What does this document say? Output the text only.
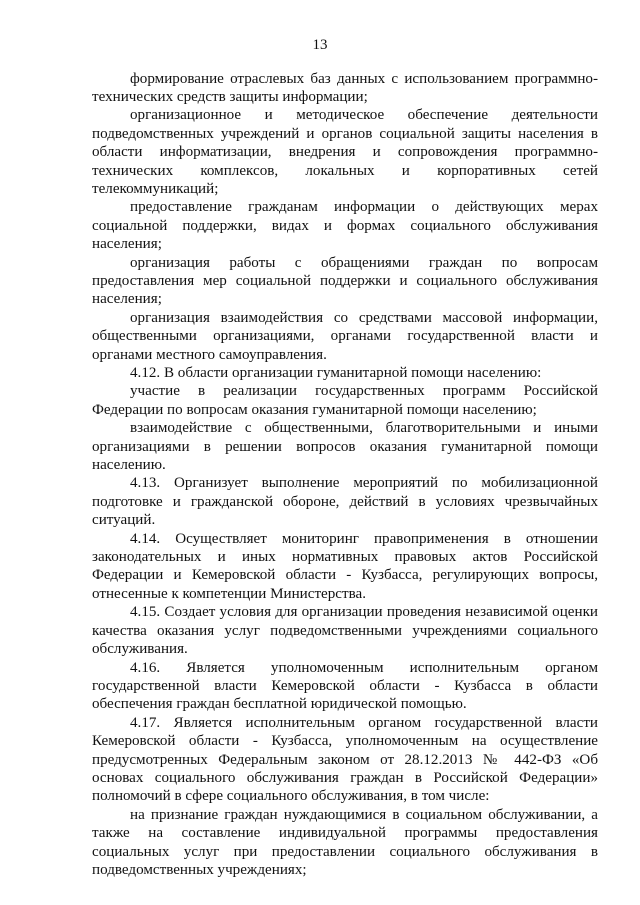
13

формирование отраслевых баз данных с использованием программно-технических средств защиты информации;

организационное и методическое обеспечение деятельности подведомственных учреждений и органов социальной защиты населения в области информатизации, внедрения и сопровождения программно-технических комплексов, локальных и корпоративных сетей телекоммуникаций;

предоставление гражданам информации о действующих мерах социальной поддержки, видах и формах социального обслуживания населения;

организация работы с обращениями граждан по вопросам предоставления мер социальной поддержки и социального обслуживания населения;

организация взаимодействия со средствами массовой информации, общественными организациями, органами государственной власти и органами местного самоуправления.

4.12. В области организации гуманитарной помощи населению:

участие в реализации государственных программ Российской Федерации по вопросам оказания гуманитарной помощи населению;

взаимодействие с общественными, благотворительными и иными организациями в решении вопросов оказания гуманитарной помощи населению.

4.13. Организует выполнение мероприятий по мобилизационной подготовке и гражданской обороне, действий в условиях чрезвычайных ситуаций.

4.14. Осуществляет мониторинг правоприменения в отношении законодательных и иных нормативных правовых актов Российской Федерации и Кемеровской области - Кузбасса, регулирующих вопросы, отнесенные к компетенции Министерства.

4.15. Создает условия для организации проведения независимой оценки качества оказания услуг подведомственными учреждениями социального обслуживания.

4.16. Является уполномоченным исполнительным органом государственной власти Кемеровской области - Кузбасса в области обеспечения граждан бесплатной юридической помощью.

4.17. Является исполнительным органом государственной власти Кемеровской области - Кузбасса, уполномоченным на осуществление предусмотренных Федеральным законом от 28.12.2013 № 442-ФЗ «Об основах социального обслуживания граждан в Российской Федерации» полномочий в сфере социального обслуживания, в том числе:

на признание граждан нуждающимися в социальном обслуживании, а также на составление индивидуальной программы предоставления социальных услуг при предоставлении социального обслуживания в подведомственных учреждениях;
